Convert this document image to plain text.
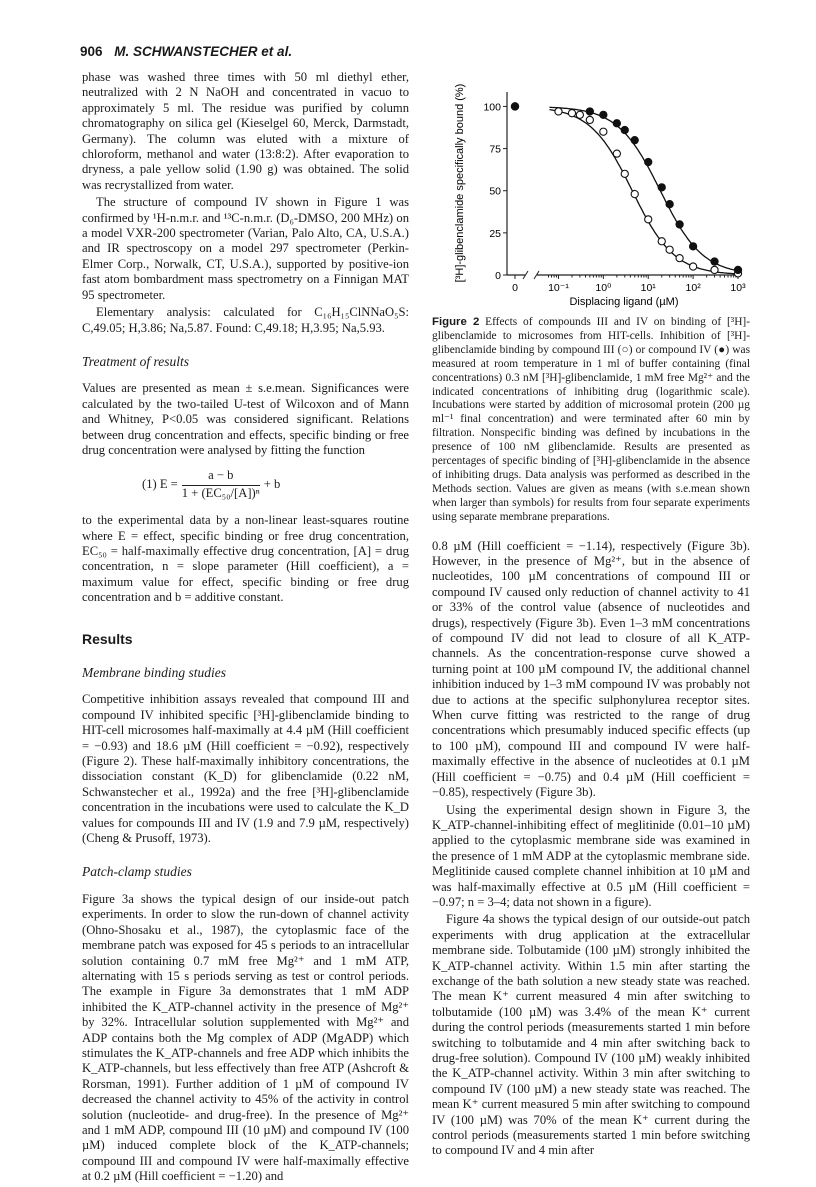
906 M. SCHWANSTECHER et al.

phase was washed three times with 50 ml diethyl ether, neutralized with 2 N NaOH and concentrated in vacuo to approximately 5 ml. The residue was purified by column chromatography on silica gel (Kieselgel 60, Merck, Darmstadt, Germany). The column was eluted with a mixture of chloroform, methanol and water (13:8:2). After evaporation to dryness, a pale yellow solid (1.90 g) was obtained. The solid was recrystallized from water.

The structure of compound IV shown in Figure 1 was confirmed by ¹H-n.m.r. and ¹³C-n.m.r. (D₆-DMSO, 200 MHz) on a model VXR-200 spectrometer (Varian, Palo Alto, CA, U.S.A.) and IR spectroscopy on a model 297 spectrometer (Perkin-Elmer Corp., Norwalk, CT, U.S.A.), supported by positive-ion fast atom bombardment mass spectrometry on a Finnigan MAT 95 spectrometer.

Elementary analysis: calculated for C₁₆H₁₅ClNNaO₅S: C,49.05; H,3.86; Na,5.87. Found: C,49.18; H,3.95; Na,5.93.

Treatment of results

Values are presented as mean ± s.e.mean. Significances were calculated by the two-tailed U-test of Wilcoxon and of Mann and Whitney, P<0.05 was considered significant. Relations between drug concentration and effects, specific binding or free drug concentration were analysed by fitting the function

(1) $E = \frac{a - b}{\text{1 + (EC₅₀/[A])ⁿ}} + b$

to the experimental data by a non-linear least-squares routine where E = effect, specific binding or free drug concentration, EC₅₀ = half-maximally effective drug concentration, [A] = drug concentration, n = slope parameter (Hill coefficient), a = maximum value for effect, specific binding or free drug concentration and b = additive constant.

Results
Membrane binding studies

Competitive inhibition assays revealed that compound III and compound IV inhibited specific [³H]-glibenclamide binding to HIT-cell microsomes half-maximally at 4.4 µM (Hill coefficient = −0.93) and 18.6 µM (Hill coefficient = −0.92), respectively (Figure 2). These half-maximally inhibitory concentrations, the dissociation constant (K_D) for glibenclamide (0.22 nM, Schwanstecher et al., 1992a) and the free [³H]-glibenclamide concentration in the incubations were used to calculate the K_D values for compounds III and IV (1.9 and 7.9 µM, respectively) (Cheng & Prusoff, 1973).

Patch-clamp studies

Figure 3a shows the typical design of our inside-out patch experiments. In order to slow the run-down of channel activity (Ohno-Shosaku et al., 1987), the cytoplasmic face of the membrane patch was exposed for 45 s periods to an intracellular solution containing 0.7 mM free Mg²⁺ and 1 mM ATP, alternating with 15 s periods serving as test or control periods. The example in Figure 3a demonstrates that 1 mM ADP inhibited the K_ATP-channel activity in the presence of Mg²⁺ by 32%. Intracellular solution supplemented with Mg²⁺ and ADP contains both the Mg complex of ADP (MgADP) which stimulates the K_ATP-channels and free ADP which inhibits the K_ATP-channels, but less effectively than free ATP (Ashcroft & Rorsman, 1991). Further addition of 1 µM of compound IV decreased the channel activity to 45% of the activity in control solution (nucleotide- and drug-free). In the presence of Mg²⁺ and 1 mM ADP, compound III (10 µM) and compound IV (100 µM) induced complete block of the K_ATP-channels; compound III and compound IV were half-maximally effective at 0.2 µM (Hill coefficient = −1.20) and

0
25
50
75
100
0	10⁻¹	10⁰	10¹	10²	10³
[³H]-glibenclamide specifically bound (%)
Displacing ligand (µM)
Figure 2 Effects of compounds III and IV on binding of [³H]-glibenclamide to microsomes from HIT-cells. Inhibition of [³H]-glibenclamide binding by compound III (○) or compound IV (●) was measured at room temperature in 1 ml of buffer containing (final concentrations) 0.3 nM [³H]-glibenclamide, 1 mM free Mg²⁺ and the indicated concentrations of inhibiting drug (logarithmic scale). Incubations were started by addition of microsomal protein (200 µg ml⁻¹ final concentration) and were terminated after 60 min by filtration. Nonspecific binding was defined by incubations in the presence of 100 nM glibenclamide. Results are presented as percentages of specific binding of [³H]-glibenclamide in the absence of inhibiting drugs. Data analysis was performed as described in the Methods section. Values are given as means (with s.e.mean shown when larger than symbols) for results from four separate experiments using separate membrane preparations.

0.8 µM (Hill coefficient = −1.14), respectively (Figure 3b). However, in the presence of Mg²⁺, but in the absence of nucleotides, 100 µM concentrations of compound III or compound IV caused only reduction of channel activity to 41 or 33% of the control value (absence of nucleotides and drugs), respectively (Figure 3b). Even 1–3 mM concentrations of compound IV did not lead to closure of all K_ATP-channels. As the concentration-response curve showed a turning point at 100 µM compound IV, the additional channel inhibition induced by 1–3 mM compound IV was probably not due to actions at the specific sulphonylurea receptor sites. When curve fitting was restricted to the range of drug concentrations which presumably induced specific effects (up to 100 µM), compound III and compound IV were half-maximally effective in the absence of nucleotides at 0.1 µM (Hill coefficient = −0.75) and 0.4 µM (Hill coefficient = −0.85), respectively (Figure 3b).

Using the experimental design shown in Figure 3, the K_ATP-channel-inhibiting effect of meglitinide (0.01–10 µM) applied to the cytoplasmic membrane side was examined in the presence of 1 mM ADP at the cytoplasmic membrane side. Meglitinide caused complete channel inhibition at 10 µM and was half-maximally effective at 0.5 µM (Hill coefficient = −0.97; n = 3–4; data not shown in a figure).

Figure 4a shows the typical design of our outside-out patch experiments with drug application at the extracellular membrane side. Tolbutamide (100 µM) strongly inhibited the K_ATP-channel activity. Within 1.5 min after starting the exchange of the bath solution a new steady state was reached. The mean K⁺ current measured 4 min after switching to tolbutamide (100 µM) was 3.4% of the mean K⁺ current during the control periods (measurements started 1 min before switching to tolbutamide and 4 min after switching back to drug-free solution). Compound IV (100 µM) weakly inhibited the K_ATP-channel activity. Within 3 min after switching to compound IV (100 µM) a new steady state was reached. The mean K⁺ current measured 5 min after switching to compound IV (100 µM) was 70% of the mean K⁺ current during the control periods (measurements started 1 min before switching to compound IV and 4 min after
